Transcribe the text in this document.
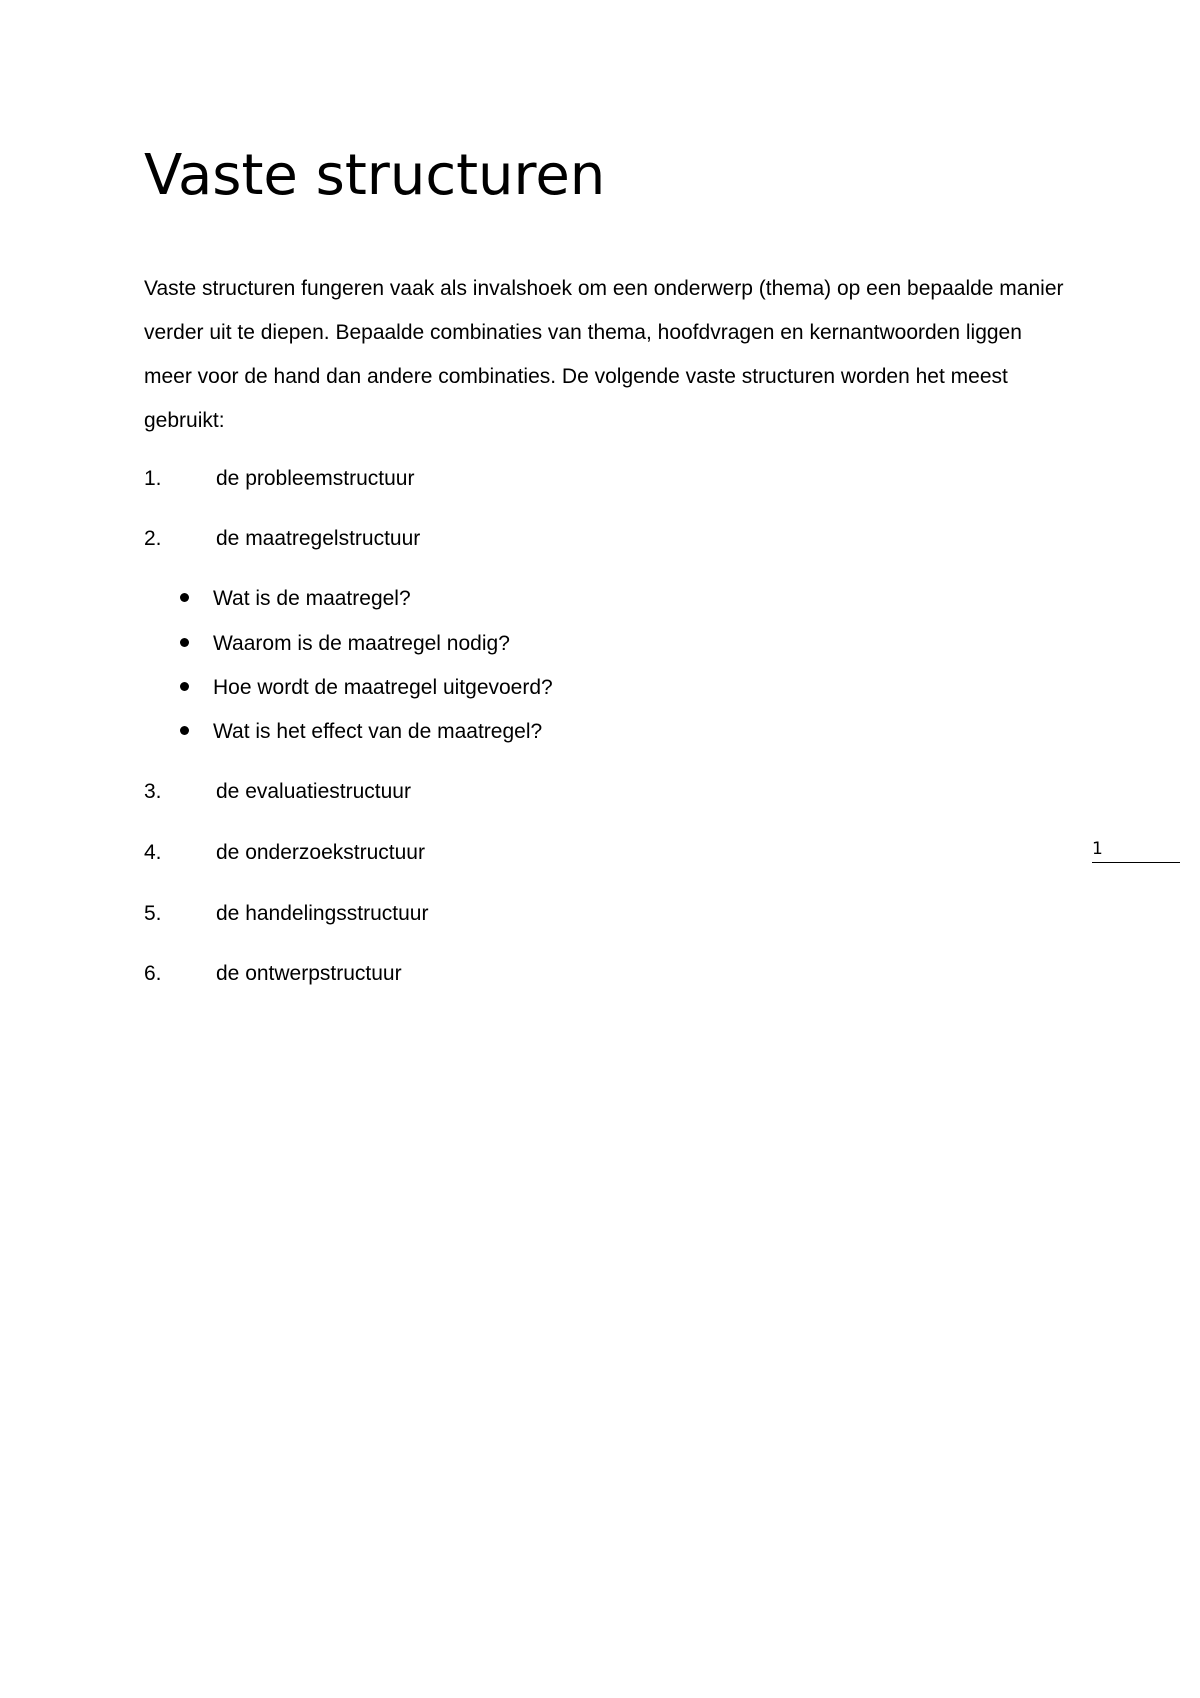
Vaste structuren

Vaste structuren fungeren vaak als invalshoek om een onderwerp (thema) op een bepaalde manier verder uit te diepen. Bepaalde combinaties van thema, hoofdvragen en kernantwoorden liggen meer voor de hand dan andere combinaties. De volgende vaste structuren worden het meest gebruikt:

1.	de probleemstructuur
2.	de maatregelstructuur
Wat is de maatregel?
Waarom is de maatregel nodig?
Hoe wordt de maatregel uitgevoerd?
Wat is het effect van de maatregel?
3.	de evaluatiestructuur
4.	de onderzoekstructuur
5.	de handelingsstructuur
6.	de ontwerpstructuur
1
